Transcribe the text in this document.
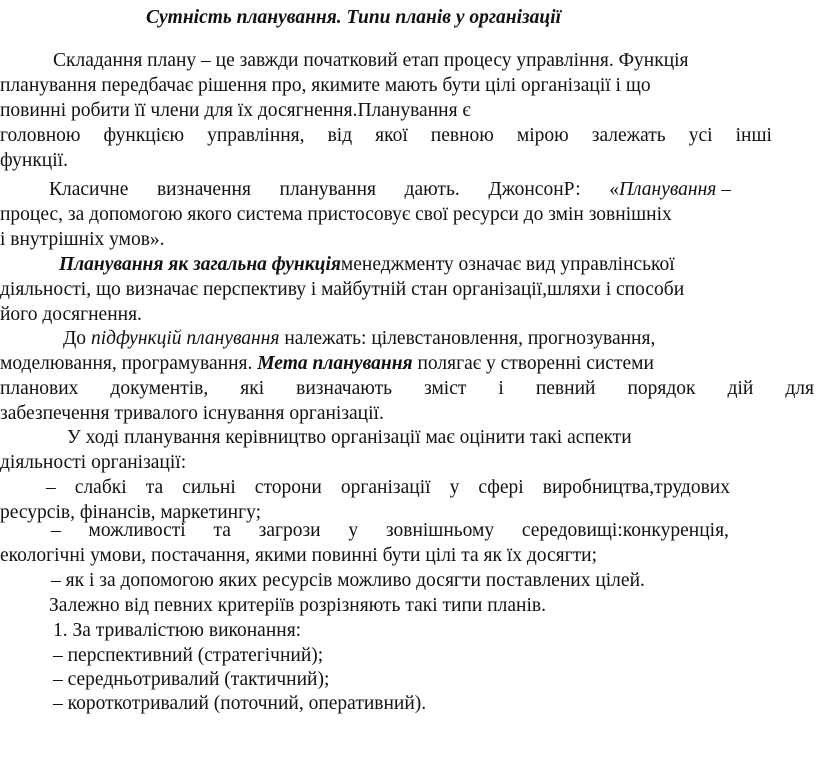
Сутність планування. Типи планів у організації
Складання плану – це завжди початковий етап процесу управління. Функція
планування передбачає рішення про, якимите мають бути цілі організації і що
повинні робити її члени для їх досягнення.Планування є
головною функцією управління, від якої певною мірою залежать усі інші
функції.
Класичне визначення планування дають. ДжонсонР: «Планування –
процес, за допомогою якого система пристосовує свої ресурси до змін зовнішніх
і внутрішніх умов».
Планування як загальна функціяменеджменту означає вид управлінської
діяльності, що визначає перспективу і майбутній стан організації,шляхи і способи
його досягнення.
До підфункцій планування належать: цілевстановлення, прогнозування,
моделювання, програмування. Мета планування полягає у створенні системи
планових документів, які визначають зміст і певний порядок дій для
забезпечення тривалого існування організації.
У ході планування керівництво організації має оцінити такі аспекти
діяльності організації:
– слабкі та сильні сторони організації у сфері виробництва,трудових
ресурсів, фінансів, маркетингу;
– можливості та загрози у зовнішньому середовищі:конкуренція,
екологічні умови, постачання, якими повинні бути цілі та як їх досягти;
– як і за допомогою яких ресурсів можливо досягти поставлених цілей.
Залежно від певних критеріїв розрізняють такі типи планів.
1. За тривалістюю виконання:
– перспективний (стратегічний);
– середньотривалий (тактичний);
– короткотривалий (поточний, оперативний).
